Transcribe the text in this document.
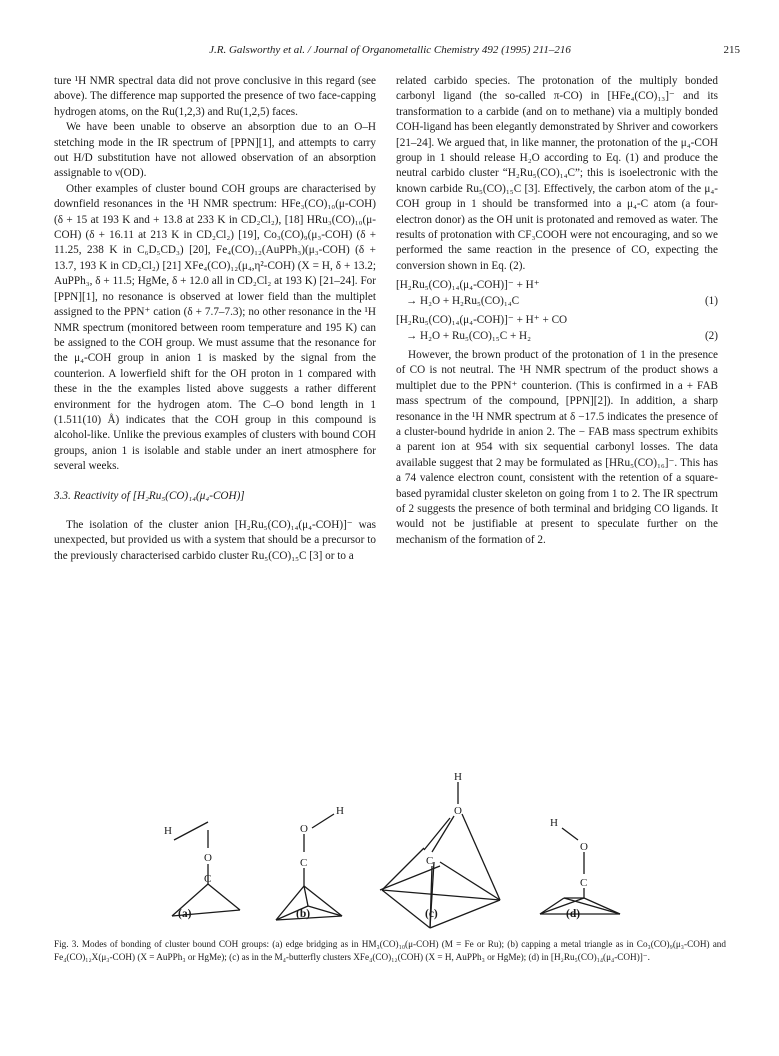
J.R. Galsworthy et al. / Journal of Organometallic Chemistry 492 (1995) 211–216	215

ture ¹H NMR spectral data did not prove conclusive in this regard (see above). The difference map supported the presence of two face-capping hydrogen atoms, on the Ru(1,2,3) and Ru(1,2,5) faces.

We have been unable to observe an absorption due to an O–H stetching mode in the IR spectrum of [PPN][1], and attempts to carry out H/D substitution have not allowed observation of an absorption assignable to ν(OD).

Other examples of cluster bound COH groups are characterised by downfield resonances in the ¹H NMR spectrum: HFe₃(CO)₁₀(μ-COH) (δ + 15 at 193 K and + 13.8 at 233 K in CD₂Cl₂), [18] HRu₃(CO)₁₀(μ-COH) (δ + 16.11 at 213 K in CD₂Cl₂) [19], Co₃(CO)₉(μ₃-COH) (δ + 11.25, 238 K in C₆D₅CD₃) [20], Fe₄(CO)₁₂(AuPPh₃)(μ₃-COH) (δ + 13.7, 193 K in CD₂Cl₂) [21] XFe₄(CO)₁₂(μ₄,η²-COH) (X = H, δ + 13.2; AuPPh₃, δ + 11.5; HgMe, δ + 12.0 all in CD₂Cl₂ at 193 K) [21–24]. For [PPN][1], no resonance is observed at lower field than the multiplet assigned to the PPN⁺ cation (δ + 7.7–7.3); no other resonance in the ¹H NMR spectrum (monitored between room temperature and 195 K) can be assigned to the COH group. We must assume that the resonance for the μ₄-COH group in anion 1 is masked by the signal from the counterion. A lowerfield shift for the OH proton in 1 compared with these in the the examples listed above suggests a rather different environment for the hydrogen atom. The C–O bond length in 1 (1.511(10) Å) indicates that the COH group in this compound is alcohol-like. Unlike the previous examples of clusters with bound COH groups, anion 1 is isolable and stable under an inert atmosphere for several weeks.

3.3. Reactivity of [H₂Ru₅(CO)₁₄(μ₄-COH)]

The isolation of the cluster anion [H₂Ru₅(CO)₁₄(μ₄-COH)]⁻ was unexpected, but provided us with a system that should be a precursor to the previously characterised carbido cluster Ru₅(CO)₁₅C [3] or to a

related carbido species. The protonation of the multiply bonded carbonyl ligand (the so-called π-CO) in [HFe₄(CO)₁₃]⁻ and its transformation to a carbide (and on to methane) via a multiply bonded COH-ligand has been elegantly demonstrated by Shriver and coworkers [21–24]. We argued that, in like manner, the protonation of the μ₄-COH group in 1 should release H₂O according to Eq. (1) and produce the neutral carbido cluster “H₂Ru₅(CO)₁₄C”; this is isoelectronic with the known carbide Ru₅(CO)₁₅C [3]. Effectively, the carbon atom of the μ₄-COH group in 1 should be transformed into a μ₄-C atom (a four-electron donor) as the OH unit is protonated and removed as water. The results of protonation with CF₃COOH were not encouraging, and so we performed the same reaction in the presence of CO, expecting the conversion shown in Eq. (2).

[H₂Ru₅(CO)₁₄(μ₄-COH)]⁻ + H⁺
→ H₂O + H₂Ru₅(CO)₁₄C	(1)
[H₂Ru₅(CO)₁₄(μ₄-COH)]⁻ + H⁺ + CO
→ H₂O + Ru₅(CO)₁₅C + H₂	(2)

However, the brown product of the protonation of 1 in the presence of CO is not neutral. The ¹H NMR spectrum of the product shows a multiplet due to the PPN⁺ counterion. (This is confirmed in a + FAB mass spectrum of the compound, [PPN][2]). In addition, a sharp resonance in the ¹H NMR spectrum at δ −17.5 indicates the presence of a cluster-bound hydride in anion 2. The − FAB mass spectrum exhibits a parent ion at 954 with six sequential carbonyl losses. The data available suggest that 2 may be formulated as [HRu₅(CO)₁₆]⁻. This has a 74 valence electron count, consistent with the retention of a square-based pyramidal cluster skeleton on going from 1 to 2. The IR spectrum of 2 suggests the presence of both terminal and bridging CO ligands. It would not be justifiable at present to speculate further on the mechanism of the formation of 2.

H
O
C
H
O
C
H
O
C
H
O
C
(a)	(b)	(c)	(d)
Fig. 3. Modes of bonding of cluster bound COH groups: (a) edge bridging as in HM₃(CO)₁₀(μ-COH) (M = Fe or Ru); (b) capping a metal triangle as in Co₃(CO)₉(μ₃-COH) and Fe₄(CO)₁₂X(μ₃-COH) (X = AuPPh₃ or HgMe); (c) as in the M₄-butterfly clusters XFe₄(CO)₁₂(COH) (X = H, AuPPh₃ or HgMe); (d) in [H₂Ru₅(CO)₁₄(μ₄-COH)]⁻.
